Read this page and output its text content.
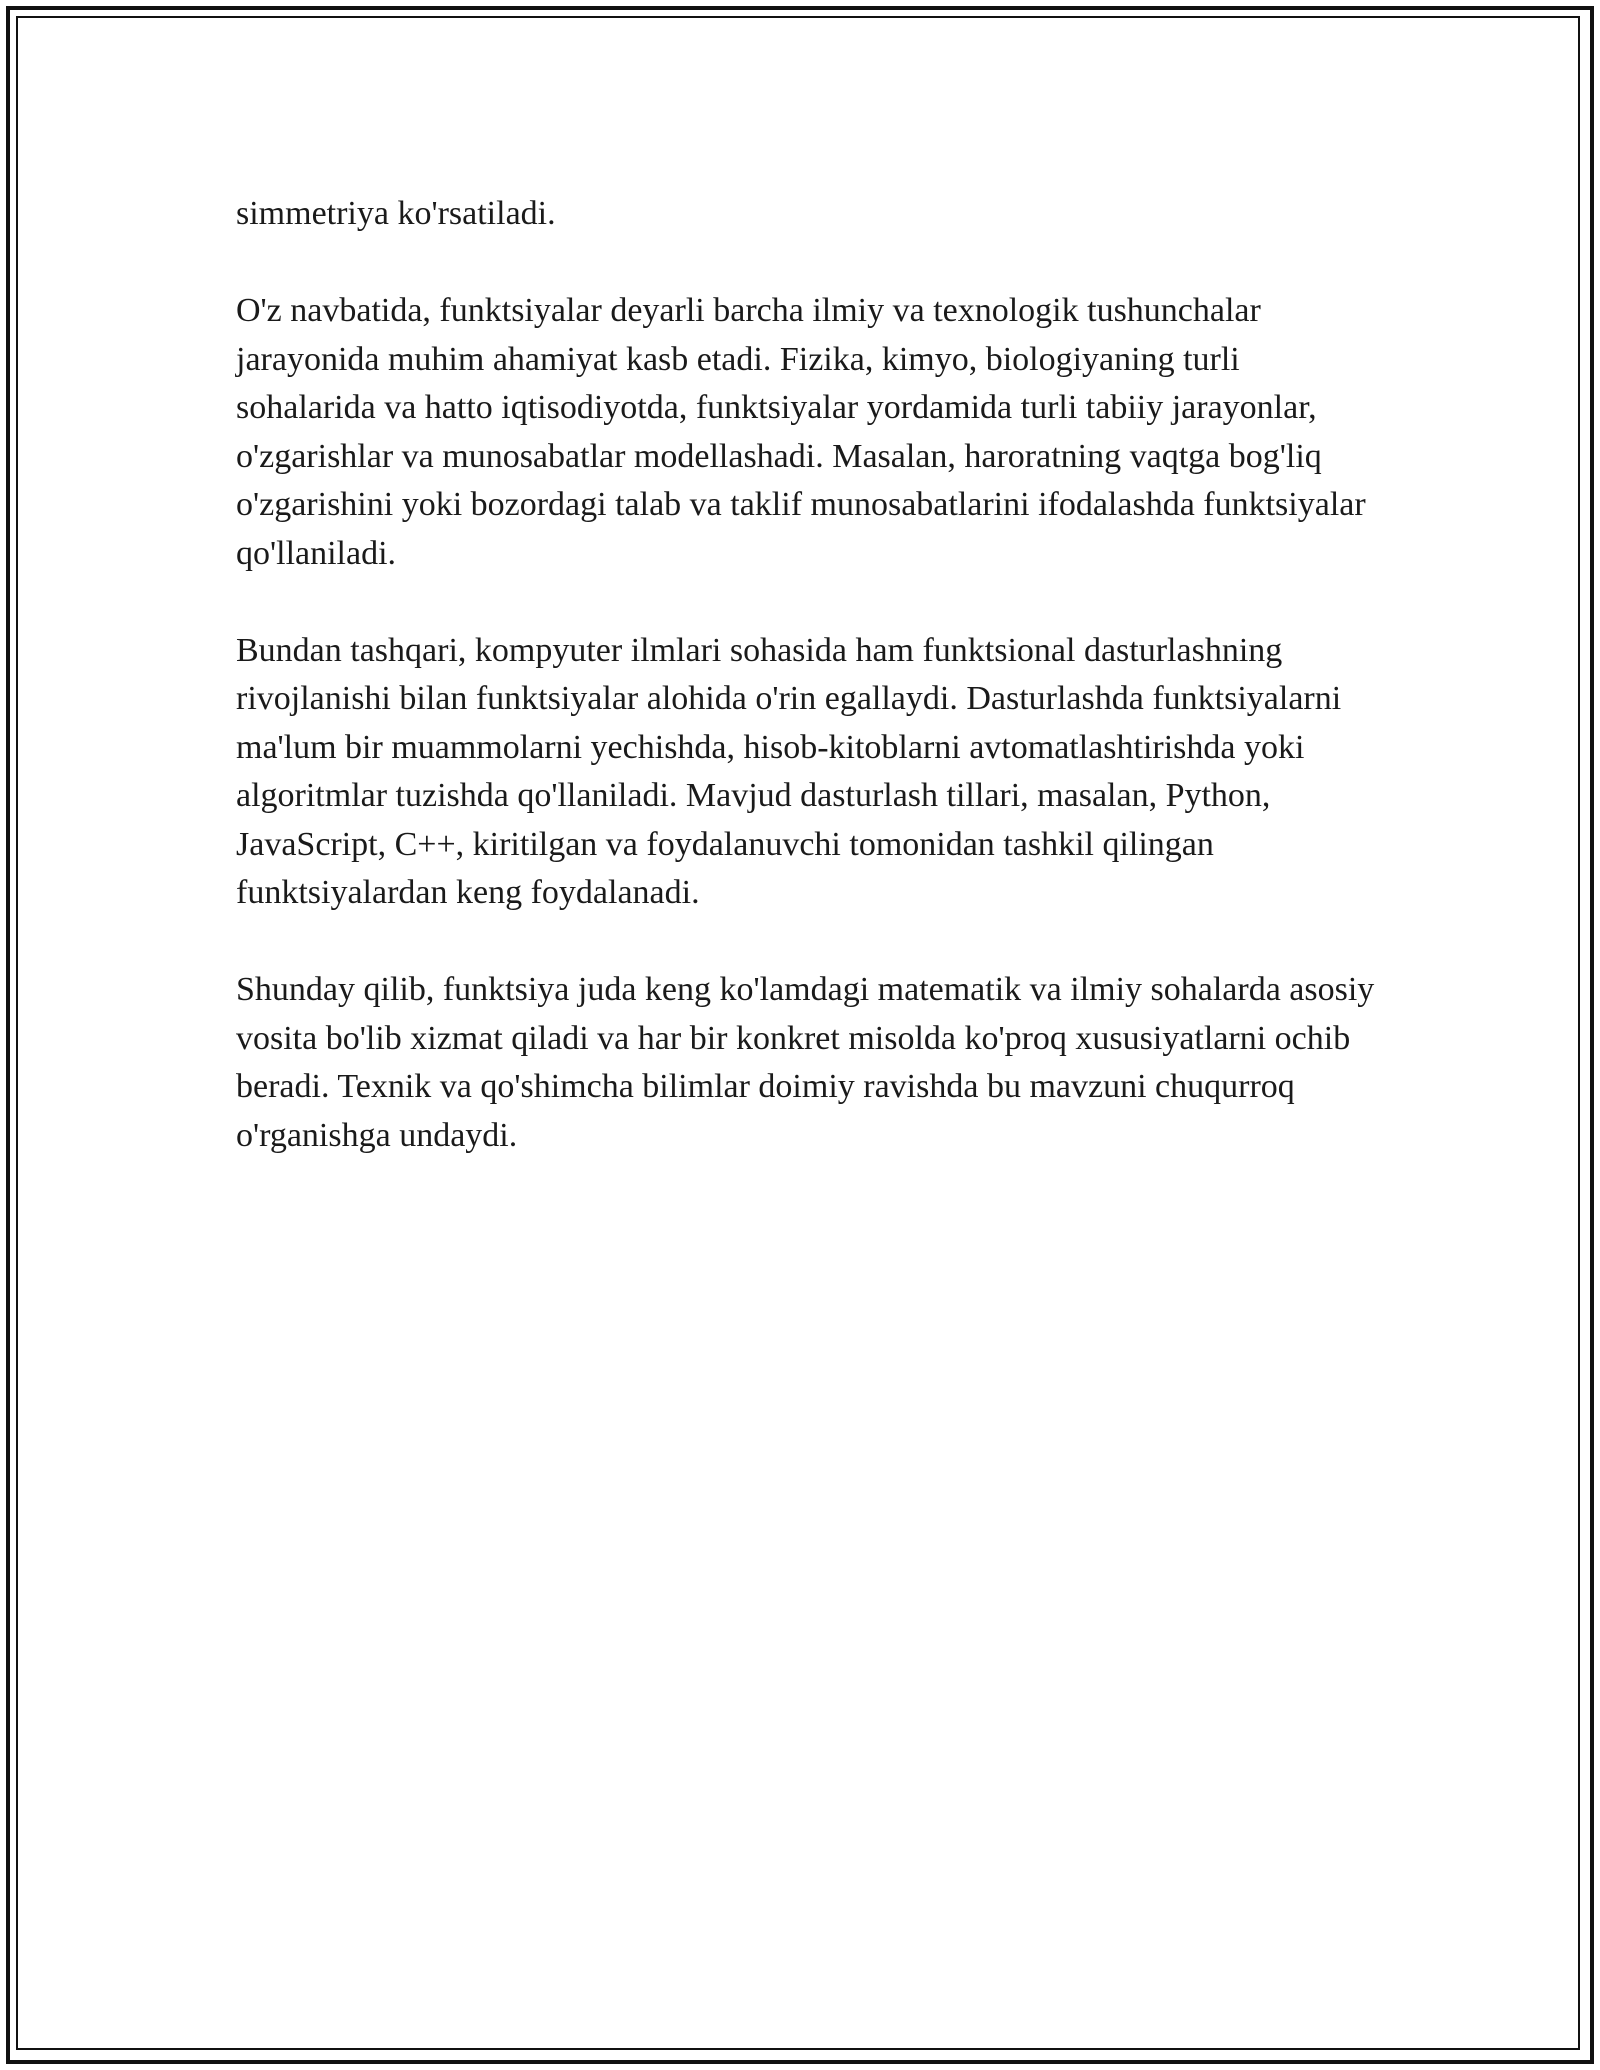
simmetriya ko'rsatiladi.

O'z navbatida, funktsiyalar deyarli barcha ilmiy va texnologik tushunchalar jarayonida muhim ahamiyat kasb etadi. Fizika, kimyo, biologiyaning turli sohalarida va hatto iqtisodiyotda, funktsiyalar yordamida turli tabiiy jarayonlar, o'zgarishlar va munosabatlar modellashadi. Masalan, haroratning vaqtga bog'liq o'zgarishini yoki bozordagi talab va taklif munosabatlarini ifodalashda funktsiyalar qo'llaniladi.

Bundan tashqari, kompyuter ilmlari sohasida ham funktsional dasturlashning rivojlanishi bilan funktsiyalar alohida o'rin egallaydi. Dasturlashda funktsiyalarni ma'lum bir muammolarni yechishda, hisob-kitoblarni avtomatlashtirishda yoki algoritmlar tuzishda qo'llaniladi. Mavjud dasturlash tillari, masalan, Python, JavaScript, C++, kiritilgan va foydalanuvchi tomonidan tashkil qilingan funktsiyalardan keng foydalanadi.

Shunday qilib, funktsiya juda keng ko'lamdagi matematik va ilmiy sohalarda asosiy vosita bo'lib xizmat qiladi va har bir konkret misolda ko'proq xususiyatlarni ochib beradi. Texnik va qo'shimcha bilimlar doimiy ravishda bu mavzuni chuqurroq o'rganishga undaydi.
